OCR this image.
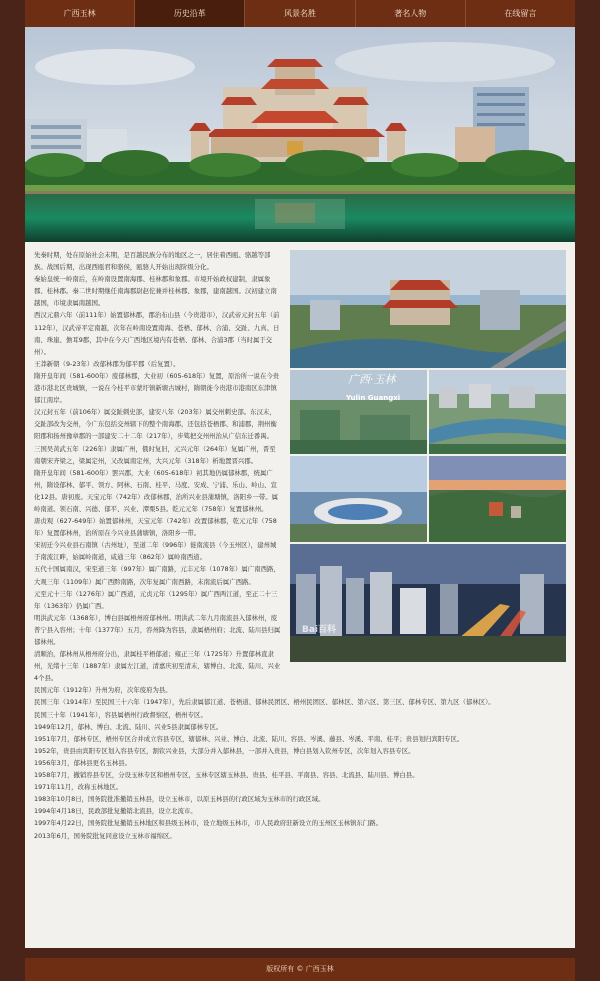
广西玉林	历史沿革	风景名胜	著名人物	在线留言
广西·玉林
Yulin Guangxi
Bai百科

先秦时期，处在原始社会末期，是百越民族分布的地区之一，居住着西瓯、骆越等部族。战国后期，出现西瓯君和骆侯，瓯骆人开始出现阶级分化。

秦始皇统一岭南后，在岭南设置南海郡、桂林郡和象郡。市境开始政权建制，隶属象郡、桂林郡。秦二世时期继任南海郡尉赵佗兼并桂林郡、象郡，建南越国。汉初建立南越国，市境隶属南越国。

西汉元鼎六年（前111年）始置郁林郡，郡治布山县（今贵港市），汉武帝元封五年（前112年），汉武帝平定南越，次年在岭南设置南海、苍梧、郁林、合浦、交趾、九真、日南、珠崖、儋耳9郡，其中在今天广西地区境内有苍梧、郁林、合浦3郡（当时属于交州）。

王莽新朝（9-23年）改郁林郡为郁平郡（后复置）。

隋开皇年间（581-600年）废郁林郡，大业初（605-618年）复置，原治所一说在今贵港市港北区贵城镇，一说在今桂平市蒙圩镇新塘古城村，隋朝徙今贵港市港南区东津镇郁江南岸。

汉元封五年（前106年）属交趾刺史部，建安八年（203年）属交州刺史部。东汉末，交趾部改为交州，今广东包括交州辖下的整个南海郡，还包括苍梧郡、和浦郡，荆州衡阳郡和扬州豫章郡的一部建安二十二年（217年），步骘把交州州治从广信东迁番禺。

三国吴黄武五年（226年）隶属广州，俄时复旧，元兴元年（264年）复属广州，晋至南朝宋齐梁之，梁属定州，又改属南定州，大兴元年（318年）析地置晋兴郡。

隋开皇年间（581-600年）罢兴郡，大业（605-618年）初其地仍属郁林郡，统属广州，隋设郁林、郁平、领方、阿林、石南、桂平、马度、安成、宁浦、乐山、岭山、宣化12县。唐初废。天宝元年（742年）改郁林郡，治所兴业县蒲塘镇，洛阳乡一带。属岭南道。领石南、兴德、郁平、兴业、潭栗5县。乾元元年（758年）复置郁林州。

唐贞观（627-649年）始置郁林州，天宝元年（742年）改置郁林郡，乾元元年（758年）复置郁林州，治所原在今兴业县蒲塘镇，洛阳乡一带。

宋初迁今兴业县石南镇（古州址），至道二年（996年）徙南流县（今玉州区），建州城于南流江畔，始属岭南道，咸通三年（862年）属岭南西道。

五代十国属南汉，宋至道三年（997年）属广南路，元丰元年（1078年）属广南西路，大观三年（1109年）属广西黔南路，次年复属广南西路，末南流后属广西路。

元至元十三年（1276年）属广西道，元贞元年（1295年）属广西两江道，至正二十三年（1363年）仍属广西。

明洪武元年（1368年），博白县属梧州府郁林州。明洪武二年九月南流县入郁林州，废普宁县入容州；十年（1377年）五月，容州降为容县，隶属梧州府；北流、陆川县归属郁林州。

清顺治，郁林州从梧州府分出，隶属桂平梧郁道；雍正三年（1725年）升置郁林直隶州，光绪十三年（1887年）隶属左江道，清嘉庆初至清末，辖博白、北流、陆川、兴业4个县。

民国元年（1912年）升州为府，次年废府为县。

民国三年（1914年）至民国三十六年（1947年），先后隶属郁江道、苍梧道、郁林民团区、梧州民团区、郁林区、第六区、第三区、郁林专区、第九区（郁林区）。

民国三十年（1941年），容县属梧州行政督察区，梧州专区。

1949年12月，郁林、博白、北流、陆川、兴业5县隶属郁林专区。

1951年7月，郁林专区，梧州专区合并成立容县专区，辖郁林、兴业、博白、北流、陆川、容县、岑溪、藤县、岑溪、平南、桂平；贵县划归宾阳专区。

1952年，贵县由宾阳专区划入容县专区，割钦兴业县，大部分并入郁林县，一部并入贵县，博白县划入钦州专区，次年划入容县专区。

1956年3月，郁林县更名玉林县。

1958年7月，撤销容县专区，分设玉林专区和梧州专区，玉林专区辖玉林县、贵县、桂平县、平南县、容县、北流县、陆川县、博白县。

1971年11月，改称玉林地区。

1983年10月8日，国务院批准撤销玉林县，设立玉林市，以原玉林县的行政区域为玉林市的行政区域。

1994年4月18日，民政部批复撤销北流县，设立北流市。

1997年4月22日，国务院批复撤销玉林地区和县级玉林市，设立地级玉林市，市人民政府驻新设立的玉州区玉林镇东门路。

2013年6月，国务院批复同意设立玉林市福绵区。

版权所有 © 广西玉林
